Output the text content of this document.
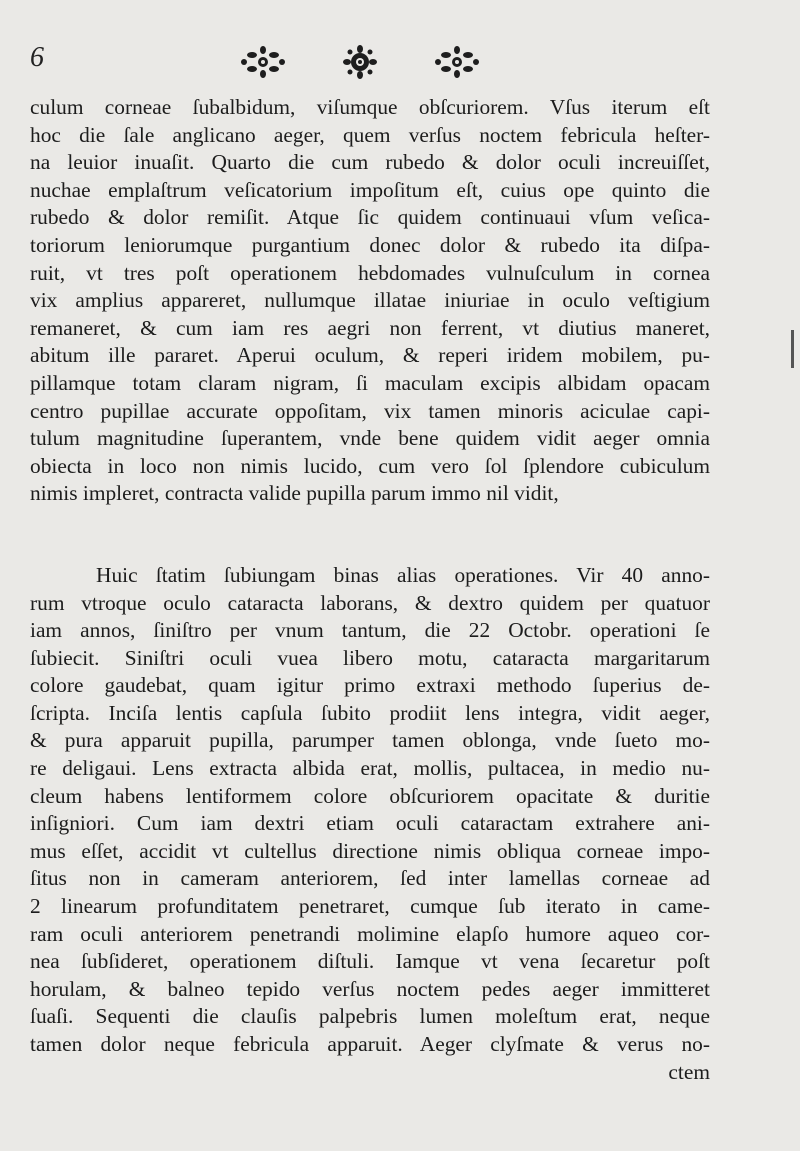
6
culum corneae ſubalbidum, viſumque obſcuriorem. Vſus iterum eſt
hoc die ſale anglicano aeger, quem verſus noctem febricula heſter-
na leuior inuaſit. Quarto die cum rubedo & dolor oculi increuiſſet,
nuchae emplaſtrum veſicatorium impoſitum eſt, cuius ope quinto die
rubedo & dolor remiſit. Atque ſic quidem continuaui vſum veſica-
toriorum leniorumque purgantium donec dolor & rubedo ita diſpa-
ruit, vt tres poſt operationem hebdomades vulnuſculum in cornea
vix amplius appareret, nullumque illatae iniuriae in oculo veſtigium
remaneret, & cum iam res aegri non ferrent, vt diutius maneret,
abitum ille pararet. Aperui oculum, & reperi iridem mobilem, pu-
pillamque totam claram nigram, ſi maculam excipis albidam opacam
centro pupillae accurate oppoſitam, vix tamen minoris aciculae capi-
tulum magnitudine ſuperantem, vnde bene quidem vidit aeger omnia
obiecta in loco non nimis lucido, cum vero ſol ſplendore cubiculum
nimis impleret, contracta valide pupilla parum immo nil vidit,
Huic ſtatim ſubiungam binas alias operationes. Vir 40 anno-
rum vtroque oculo cataracta laborans, & dextro quidem per quatuor
iam annos, ſiniſtro per vnum tantum, die 22 Octobr. operationi ſe
ſubiecit. Siniſtri oculi vuea libero motu, cataracta margaritarum
colore gaudebat, quam igitur primo extraxi methodo ſuperius de-
ſcripta. Inciſa lentis capſula ſubito prodiit lens integra, vidit aeger,
& pura apparuit pupilla, parumper tamen oblonga, vnde ſueto mo-
re deligaui. Lens extracta albida erat, mollis, pultacea, in medio nu-
cleum habens lentiformem colore obſcuriorem opacitate & duritie
inſigniori. Cum iam dextri etiam oculi cataractam extrahere ani-
mus eſſet, accidit vt cultellus directione nimis obliqua corneae impo-
ſitus non in cameram anteriorem, ſed inter lamellas corneae ad
2 linearum profunditatem penetraret, cumque ſub iterato in came-
ram oculi anteriorem penetrandi molimine elapſo humore aqueo cor-
nea ſubſideret, operationem diſtuli. Iamque vt vena ſecaretur poſt
horulam, & balneo tepido verſus noctem pedes aeger immitteret
ſuaſi. Sequenti die clauſis palpebris lumen moleſtum erat, neque
tamen dolor neque febricula apparuit. Aeger clyſmate & verus no-
ctem
